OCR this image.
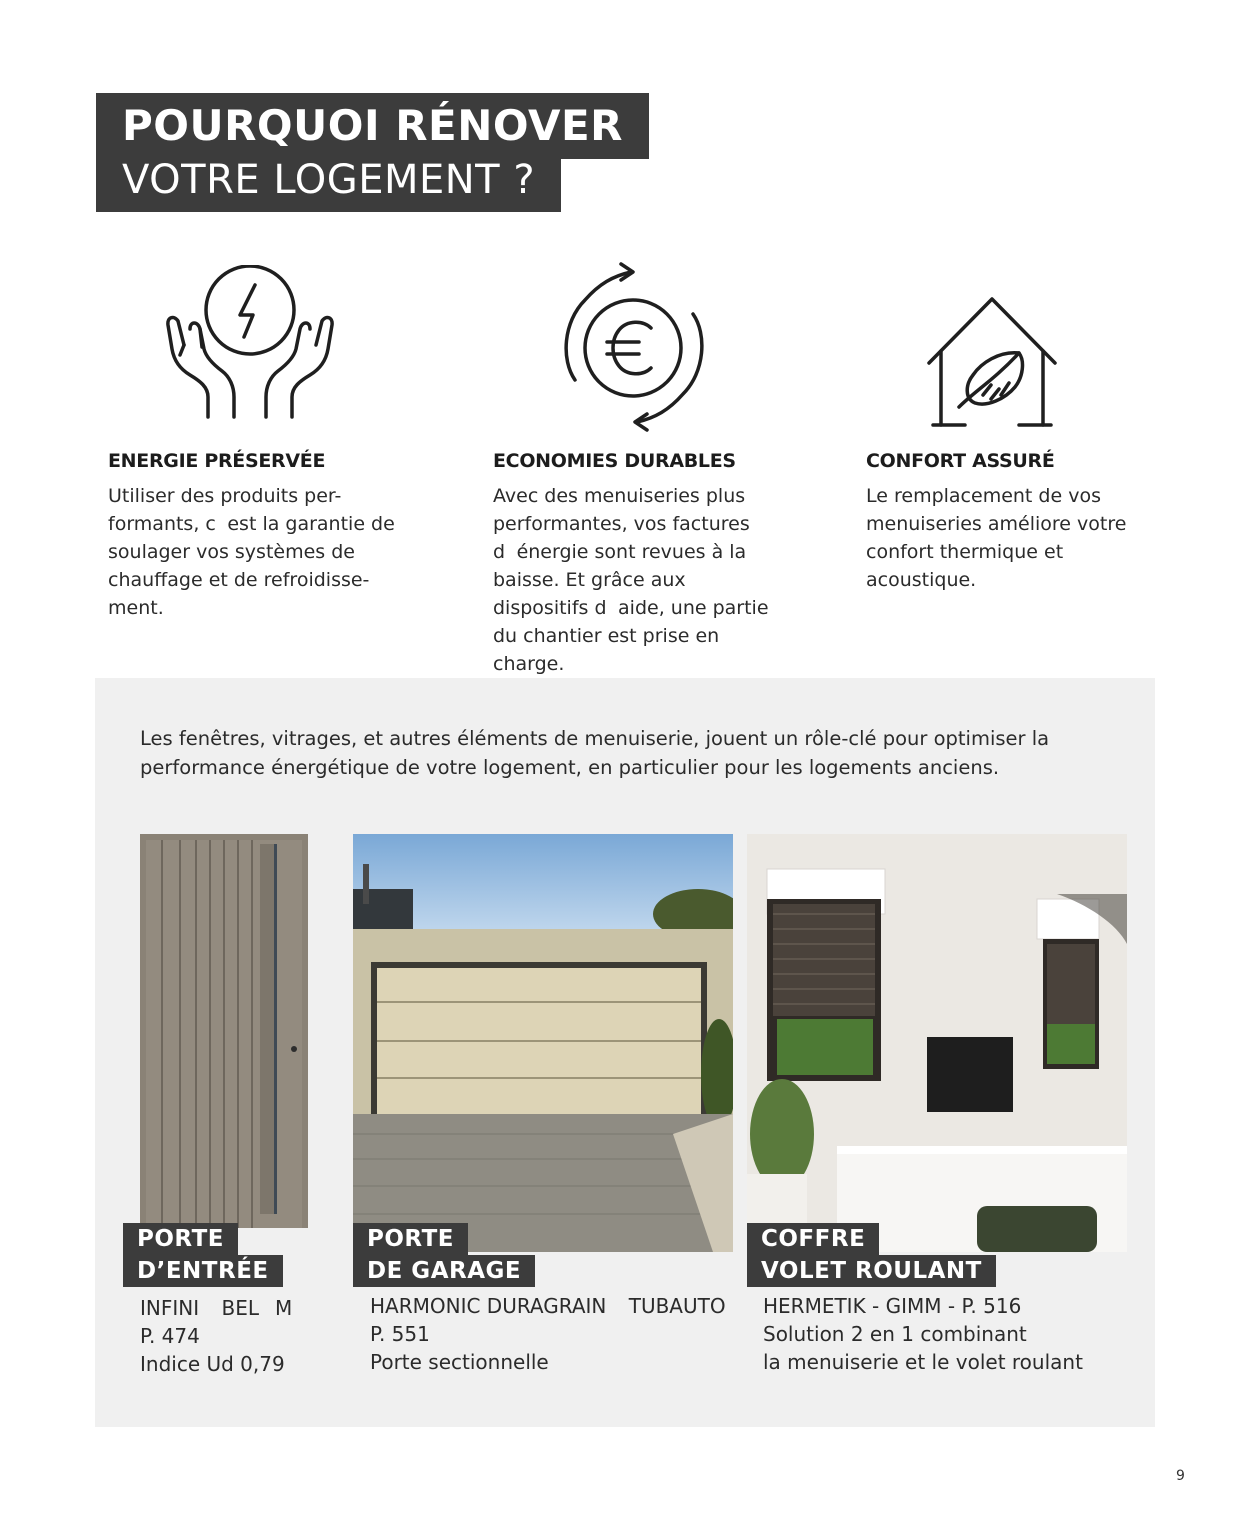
POURQUOI RÉNOVER
VOTRE LOGEMENT ?
ENERGIE PRÉSERVÉE

Utiliser des produits per-formants, cest la garantie de soulager vos systèmes de chauffage et de refroidisse-ment.

ECONOMIES DURABLES

Avec des menuiseries plus performantes, vos factures dénergie sont revues à la baisse. Et grâce aux dispositifs daide, une partie du chantier est prise en charge.

CONFORT ASSURÉ

Le remplacement de vos menuiseries améliore votre confort thermique et acoustique.

Les fenêtres, vitrages, et autres éléments de menuiserie, jouent un rôle-clé pour optimiser la performance énergétique de votre logement, en particulier pour les logements anciens.
PORTE
D’ENTRÉE
PORTE
DE GARAGE
COFFRE
VOLET ROULANT
INFINI BELM
P. 474
Indice Ud 0,79
HARMONIC DURAGRAIN TUBAUTO
P. 551
Porte sectionnelle
HERMETIK - GIMM - P. 516
Solution 2 en 1 combinant
la menuiserie et le volet roulant
9
